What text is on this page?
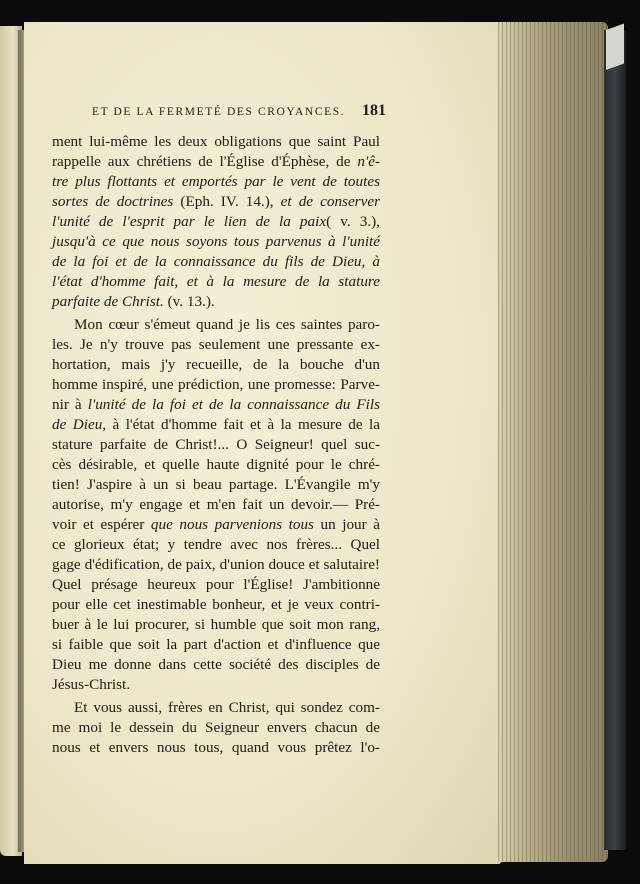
ET DE LA FERMETÉ DES CROYANCES. 181
ment lui-même les deux obligations que saint Paul
rappelle aux chrétiens de l'Église d'Éphèse, de n'ê-
tre plus flottants et emportés par le vent de toutes
sortes de doctrines (Eph. IV. 14.), et de conserver
l'unité de l'esprit par le lien de la paix( v. 3.),
jusqu'à ce que nous soyons tous parvenus à l'unité
de la foi et de la connaissance du fils de Dieu, à
l'état d'homme fait, et à la mesure de la stature
parfaite de Christ. (v. 13.).
Mon cœur s'émeut quand je lis ces saintes paro-
les. Je n'y trouve pas seulement une pressante ex-
hortation, mais j'y recueille, de la bouche d'un
homme inspiré, une prédiction, une promesse: Parve-
nir à l'unité de la foi et de la connaissance du Fils
de Dieu, à l'état d'homme fait et à la mesure de la
stature parfaite de Christ!... O Seigneur! quel suc-
cès désirable, et quelle haute dignité pour le chré-
tien! J'aspire à un si beau partage. L'Évangile m'y
autorise, m'y engage et m'en fait un devoir.— Pré-
voir et espérer que nous parvenions tous un jour à
ce glorieux état; y tendre avec nos frères... Quel
gage d'édification, de paix, d'union douce et salutaire!
Quel présage heureux pour l'Église! J'ambitionne
pour elle cet inestimable bonheur, et je veux contri-
buer à le lui procurer, si humble que soit mon rang,
si faible que soit la part d'action et d'influence que
Dieu me donne dans cette société des disciples de
Jésus-Christ.
Et vous aussi, frères en Christ, qui sondez com-
me moi le dessein du Seigneur envers chacun de
nous et envers nous tous, quand vous prêtez l'o-
